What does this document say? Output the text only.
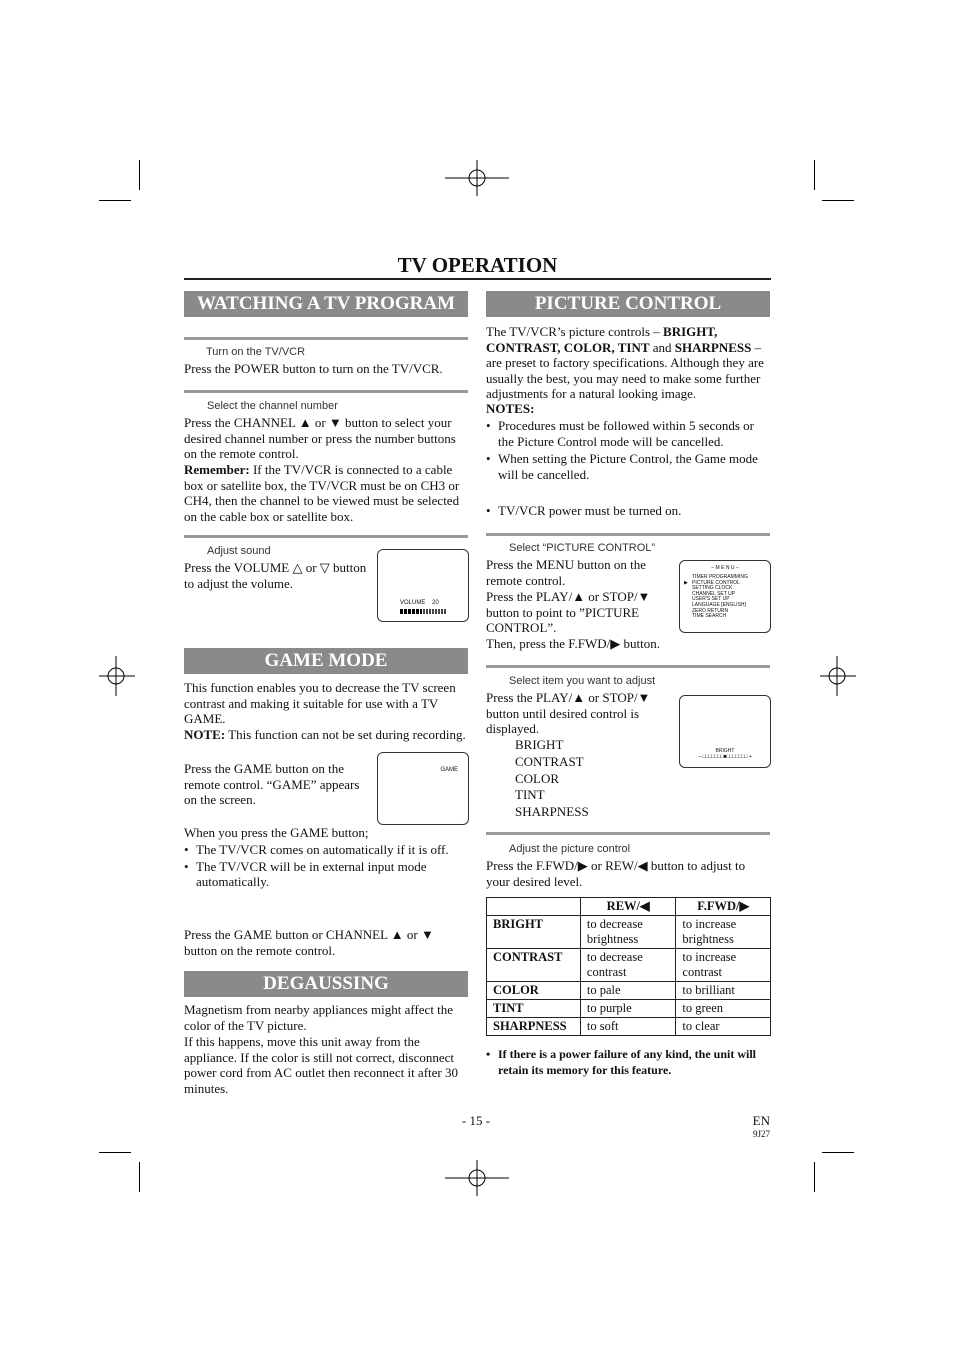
TV OPERATION
WATCHING A TV PROGRAM
Turn on the TV/VCR
Press the POWER button to turn on the TV/VCR.
Select the channel number
Press the CHANNEL ▲ or ▼ button to select your desired channel number or press the number buttons on the remote control.
Remember: If the TV/VCR is connected to a cable box or satellite box, the TV/VCR must be on CH3 or CH4, then the channel to be viewed must be selected on the cable box or satellite box.
Adjust sound
Press the VOLUME △ or ▽ button to adjust the volume.
VOLUME    20
GAME MODE
This function enables you to decrease the TV screen contrast and making it suitable for use with a TV GAME.
NOTE: This function can not be set during recording.
Press the GAME button on the remote control. “GAME” appears on the screen.
GAME
When you press the GAME button;
• The TV/VCR comes on automatically if it is off.
• The TV/VCR will be in external input mode automatically.
Press the GAME button or CHANNEL ▲ or ▼ button on the remote control.
DEGAUSSING
Magnetism from nearby appliances might affect the color of the TV picture.
If this happens, move this unit away from the appliance. If the color is still not correct, disconnect power cord from AC outlet then reconnect it after 30 minutes.
PICTURE CONTROL
The TV/VCR’s picture controls – BRIGHT, CONTRAST, COLOR, TINT and SHARPNESS – are preset to factory specifications. Although they are usually the best, you may need to make some further adjustments for a natural looking image.
NOTES:
• Procedures must be followed within 5 seconds or the Picture Control mode will be cancelled.
• When setting the Picture Control, the Game mode will be cancelled.
• TV/VCR power must be turned on.
Select “PICTURE CONTROL”
Press the MENU button on the remote control.
Press the PLAY/▲ or STOP/▼ button to point to ”PICTURE CONTROL”.
Then, press the F.FWD/▶ button.
– M E N U –
▶
TIMER PROGRAMMING
PICTURE CONTROL
SETTING CLOCK
CHANNEL SET UP
USER'S SET UP
LANGUAGE [ENGLISH]
ZERO RETURN
TIME SEARCH
Select item you want to adjust
Press the PLAY/▲ or STOP/▼ button until desired control is displayed.
BRIGHT
CONTRAST
COLOR
TINT
SHARPNESS
BRIGHT
– □□□□□□□■□□□□□□□ +
Adjust the picture control
Press the F.FWD/▶ or REW/◀ button to adjust to your desired level.
	REW/◀	F.FWD/▶
BRIGHT	to decrease brightness	to increase brightness
CONTRAST	to decrease contrast	to increase contrast
COLOR	to pale	to brilliant
TINT	to purple	to green
SHARPNESS	to soft	to clear
• If there is a power failure of any kind, the unit will retain its memory for this feature.
- 15 -	EN
9J27
